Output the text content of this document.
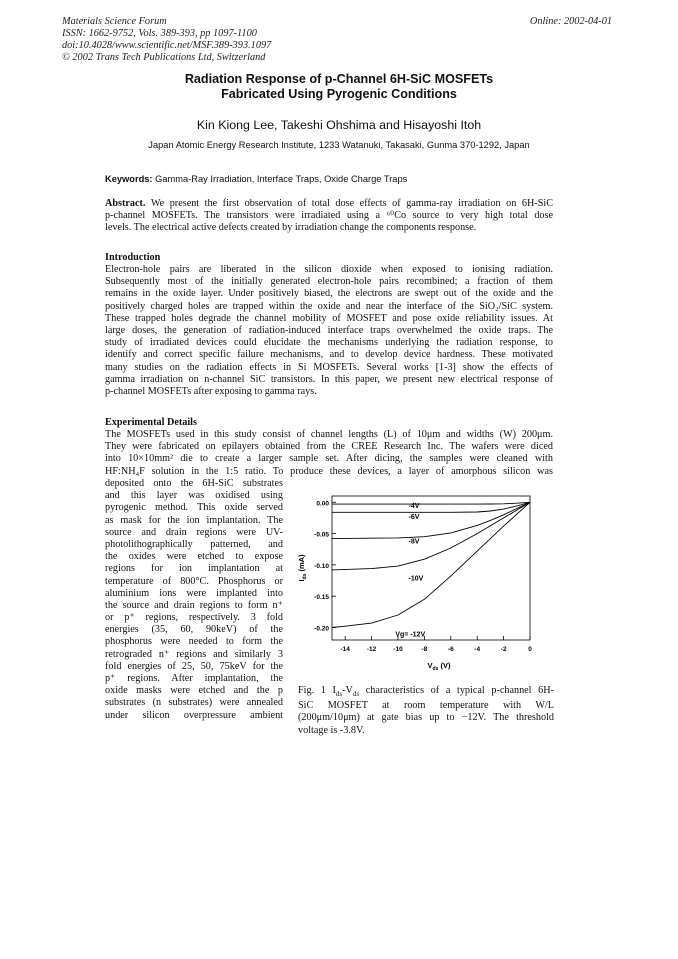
Materials Science Forum
ISSN: 1662-9752, Vols. 389-393, pp 1097-1100
doi:10.4028/www.scientific.net/MSF.389-393.1097
© 2002 Trans Tech Publications Ltd, Switzerland
Online: 2002-04-01
Radiation Response of p-Channel 6H-SiC MOSFETs
Fabricated Using Pyrogenic Conditions
Kin Kiong Lee, Takeshi Ohshima and Hisayoshi Itoh
Japan Atomic Energy Research Institute, 1233 Watanuki, Takasaki, Gunma 370-1292, Japan
Keywords: Gamma-Ray Irradiation, Interface Traps, Oxide Charge Traps
Abstract. We present the first observation of total dose effects of gamma-ray irradiation on 6H-SiC
p-channel MOSFETs. The transistors were irradiated using a ⁶⁰Co source to very high total dose
levels. The electrical active defects created by irradiation change the components response.
Introduction
Electron-hole pairs are liberated in the silicon dioxide when exposed to ionising radiation.
Subsequently most of the initially generated electron-hole pairs recombined; a fraction of them
remains in the oxide layer. Under positively biased, the electrons are swept out of the oxide and the
positively charged holes are trapped within the oxide and near the interface of the SiO₂/SiC system.
These trapped holes degrade the channel mobility of MOSFET and pose oxide reliability issues. At
large doses, the generation of radiation-induced interface traps overwhelmed the oxide traps. The
study of irradiated devices could elucidate the mechanisms underlying the radiation response, to
identify and correct specific failure mechanisms, and to develop device hardness. These motivated
many studies on the radiation effects in Si MOSFETs. Several works [1-3] show the effects of
gamma irradiation on n-channel SiC transistors. In this paper, we present new electrical response of
p-channel MOSFETs after exposing to gamma rays.
Experimental Details
The MOSFETs used in this study consist of channel lengths (L) of 10μm and widths (W) 200μm.
They were fabricated on epilayers obtained from the CREE Research Inc. The wafers were diced
into 10×10mm² die to create a larger sample set. After dicing, the samples were cleaned with
HF:NH₄F solution in the 1:5 ratio. To produce these devices, a layer of amorphous silicon was
deposited onto the 6H-SiC substrates
and this layer was oxidised using
pyrogenic method. This oxide served
as mask for the ion implantation. The
source and drain regions were UV-
photolithographically patterned, and
the oxides were etched to expose
regions for ion implantation at
temperature of 800°C. Phosphorus or
aluminium ions were implanted into
the source and drain regions to form n⁺
or p⁺ regions, respectively. 3 fold
energies (35, 60, 90keV) of the
phosphorus were needed to form the
retrograded n⁺ regions and similarly 3
fold energies of 25, 50, 75keV for the
p⁺ regions. After implantation, the
oxide masks were etched and the p
substrates (n substrates) were annealed
under silicon overpressure ambient
0.00
-0.05
-0.10
-0.15
-0.20
-14	-12	-10	-8	-6	-4	-2	0
-4V
-6V
-8V
-10V
Vg= -12V
$I_{ds}$ (mA)
$V_{ds}$ (V)
Fig. 1 $I_{ds}-V_{ds}$ characteristics of a typical p-channel 6H-
SiC MOSFET at room temperature with W/L
(200μm/10μm) at gate bias up to −12V. The threshold
voltage is -3.8V.
